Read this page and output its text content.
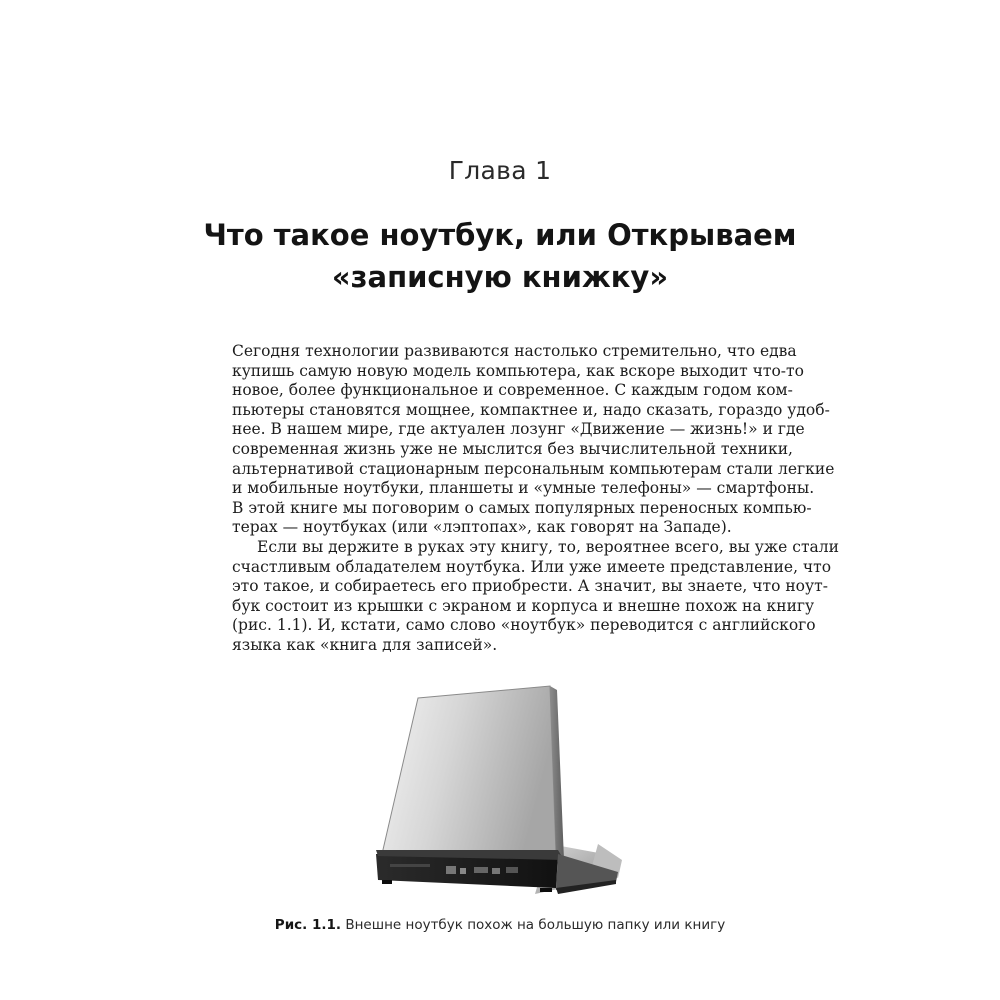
Глава 1
Что такое ноутбук, или Открываем
«записную книжку»
Сегодня технологии развиваются настолько стремительно, что едва
купишь самую новую модель компьютера, как вскоре выходит что-то
новое, более функциональное и современное. С каждым годом ком-
пьютеры становятся мощнее, компактнее и, надо сказать, гораздо удоб-
нее. В нашем мире, где актуален лозунг «Движение — жизнь!» и где
современная жизнь уже не мыслится без вычислительной техники,
альтернативой стационарным персональным компьютерам стали легкие
и мобильные ноутбуки, планшеты и «умные телефоны» — смартфоны.
В этой книге мы поговорим о самых популярных переносных компью-
терах — ноутбуках (или «лэптопах», как говорят на Западе).
Если вы держите в руках эту книгу, то, вероятнее всего, вы уже стали
счастливым обладателем ноутбука. Или уже имеете представление, что
это такое, и собираетесь его приобрести. А значит, вы знаете, что ноут-
бук состоит из крышки с экраном и корпуса и внешне похож на книгу
(рис. 1.1). И, кстати, само слово «ноутбук» переводится с английского
языка как «книга для записей».
Рис. 1.1. Внешне ноутбук похож на большую папку или книгу
